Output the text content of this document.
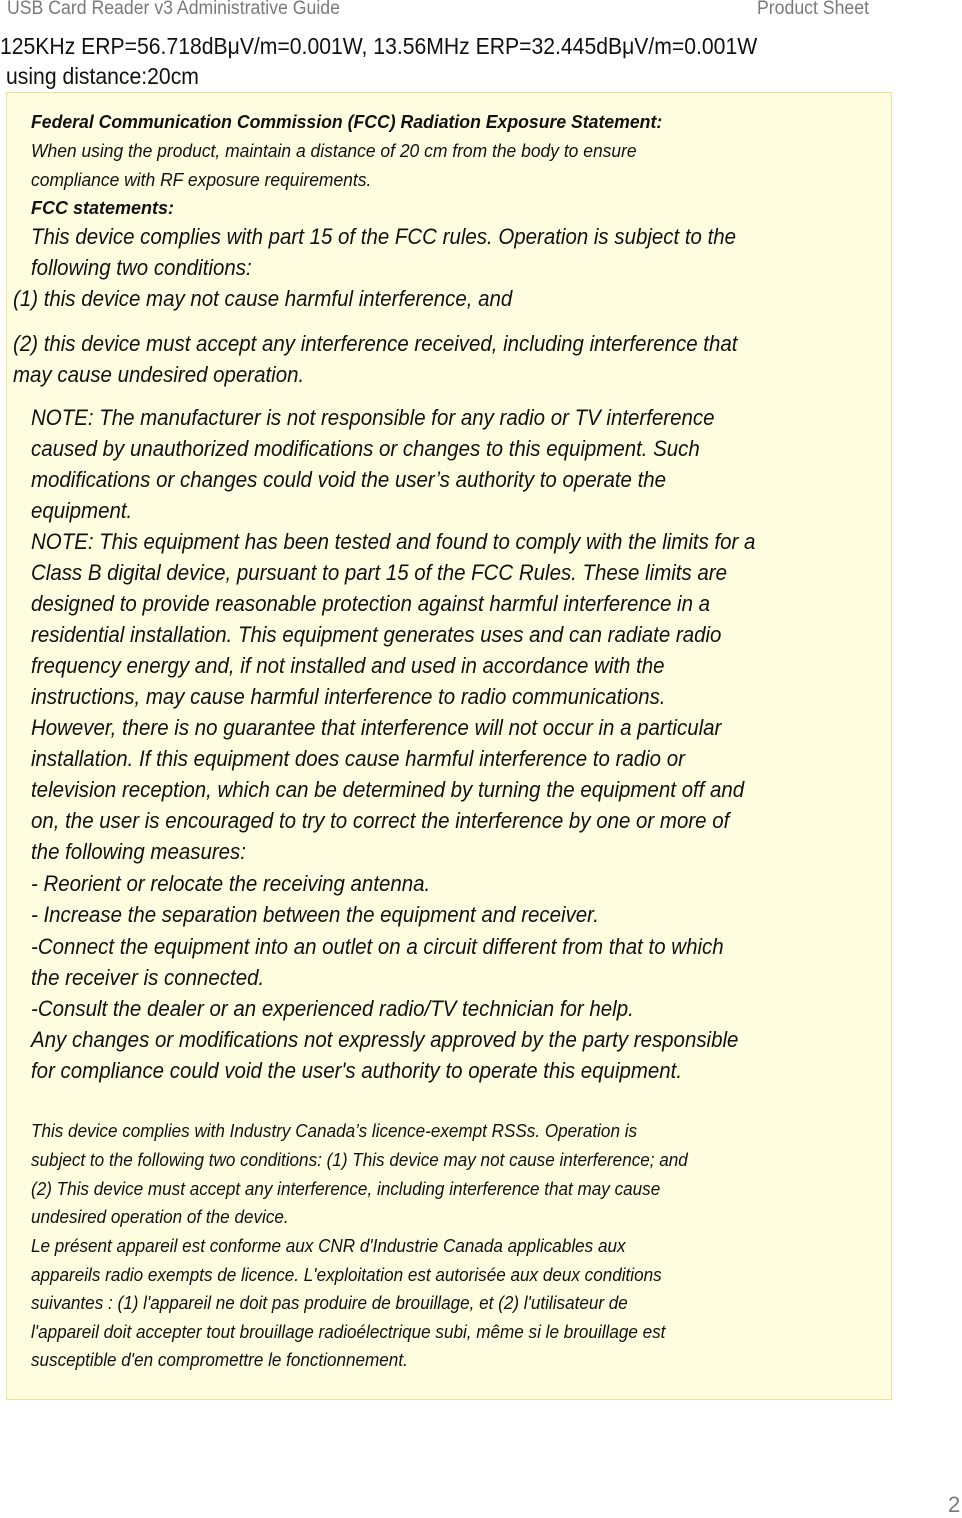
USB Card Reader v3 Administrative Guide	Product Sheet
125KHz ERP=56.718dBμV/m=0.001W, 13.56MHz ERP=32.445dBμV/m=0.001W
using distance:20cm
Federal Communication Commission (FCC) Radiation Exposure Statement:
When using the product, maintain a distance of 20 cm from the body to ensure
compliance with RF exposure requirements.
FCC statements:
This device complies with part 15 of the FCC rules. Operation is subject to the
following two conditions:
(1) this device may not cause harmful interference, and
(2) this device must accept any interference received, including interference that
may cause undesired operation.
NOTE: The manufacturer is not responsible for any radio or TV interference
caused by unauthorized modifications or changes to this equipment. Such
modifications or changes could void the user’s authority to operate the
equipment.
NOTE: This equipment has been tested and found to comply with the limits for a
Class B digital device, pursuant to part 15 of the FCC Rules. These limits are
designed to provide reasonable protection against harmful interference in a
residential installation. This equipment generates uses and can radiate radio
frequency energy and, if not installed and used in accordance with the
instructions, may cause harmful interference to radio communications.
However, there is no guarantee that interference will not occur in a particular
installation. If this equipment does cause harmful interference to radio or
television reception, which can be determined by turning the equipment off and
on, the user is encouraged to try to correct the interference by one or more of
the following measures:
- Reorient or relocate the receiving antenna.
- Increase the separation between the equipment and receiver.
-Connect the equipment into an outlet on a circuit different from that to which
the receiver is connected.
-Consult the dealer or an experienced radio/TV technician for help.
Any changes or modifications not expressly approved by the party responsible
for compliance could void the user's authority to operate this equipment.
This device complies with Industry Canada’s licence-exempt RSSs. Operation is
subject to the following two conditions: (1) This device may not cause interference; and
(2) This device must accept any interference, including interference that may cause
undesired operation of the device.
Le présent appareil est conforme aux CNR d'Industrie Canada applicables aux
appareils radio exempts de licence. L'exploitation est autorisée aux deux conditions
suivantes : (1) l'appareil ne doit pas produire de brouillage, et (2) l'utilisateur de
l'appareil doit accepter tout brouillage radioélectrique subi, même si le brouillage est
susceptible d'en compromettre le fonctionnement.
2
